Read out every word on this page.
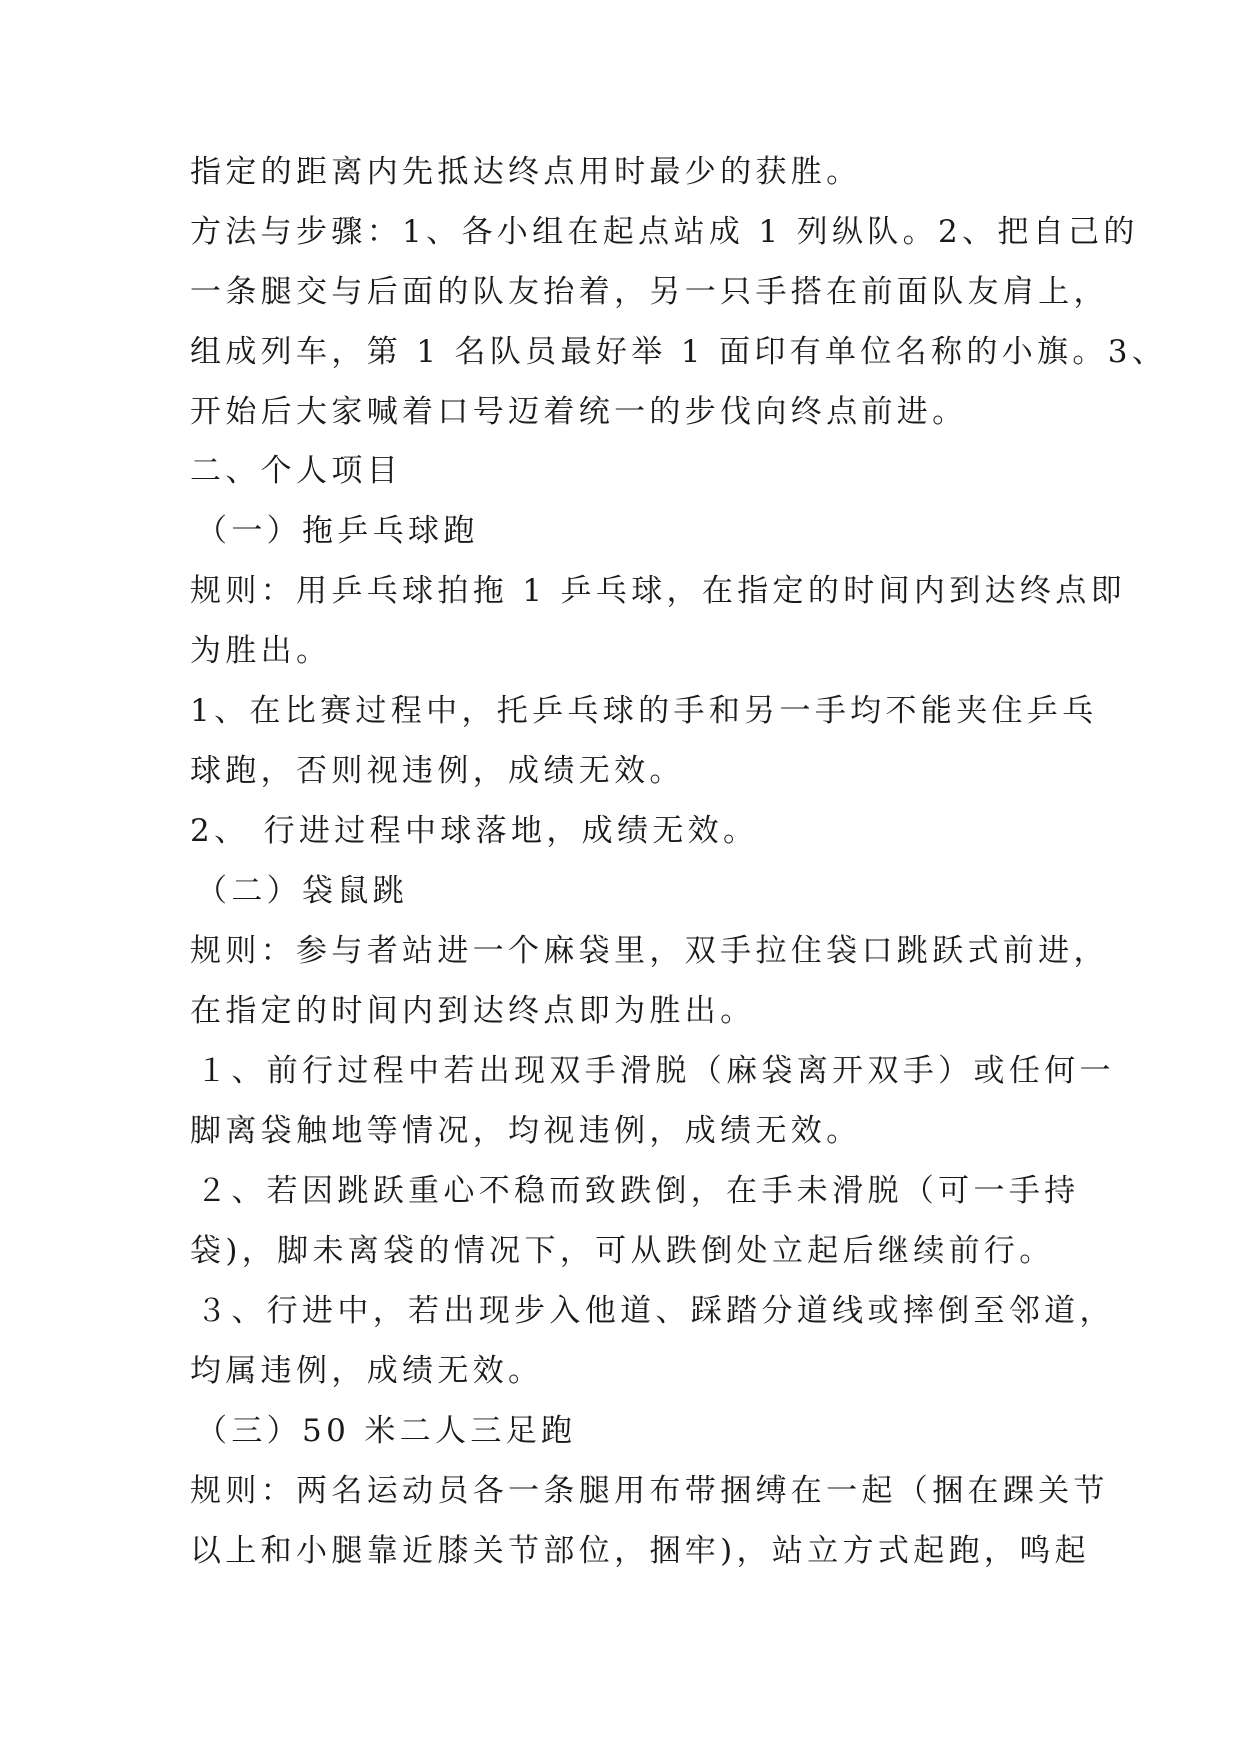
指定的距离内先抵达终点用时最少的获胜。
方法与步骤：1、各小组在起点站成 1 列纵队。2、把自己的
一条腿交与后面的队友抬着，另一只手搭在前面队友肩上，
组成列车，第 1 名队员最好举 1 面印有单位名称的小旗。3、
开始后大家喊着口号迈着统一的步伐向终点前进。
二、个人项目
（一）拖乒乓球跑
规则：用乒乓球拍拖 1 乒乓球，在指定的时间内到达终点即
为胜出。
1、在比赛过程中，托乒乓球的手和另一手均不能夹住乒乓
球跑，否则视违例，成绩无效。
2、 行进过程中球落地，成绩无效。
（二）袋鼠跳
规则：参与者站进一个麻袋里，双手拉住袋口跳跃式前进，
在指定的时间内到达终点即为胜出。
１、前行过程中若出现双手滑脱（麻袋离开双手）或任何一
脚离袋触地等情况，均视违例，成绩无效。
２、若因跳跃重心不稳而致跌倒，在手未滑脱（可一手持
袋)，脚未离袋的情况下，可从跌倒处立起后继续前行。
３、行进中，若出现步入他道、踩踏分道线或摔倒至邻道，
均属违例，成绩无效。
（三）50 米二人三足跑
规则：两名运动员各一条腿用布带捆缚在一起（捆在踝关节
以上和小腿靠近膝关节部位，捆牢)，站立方式起跑，鸣起
